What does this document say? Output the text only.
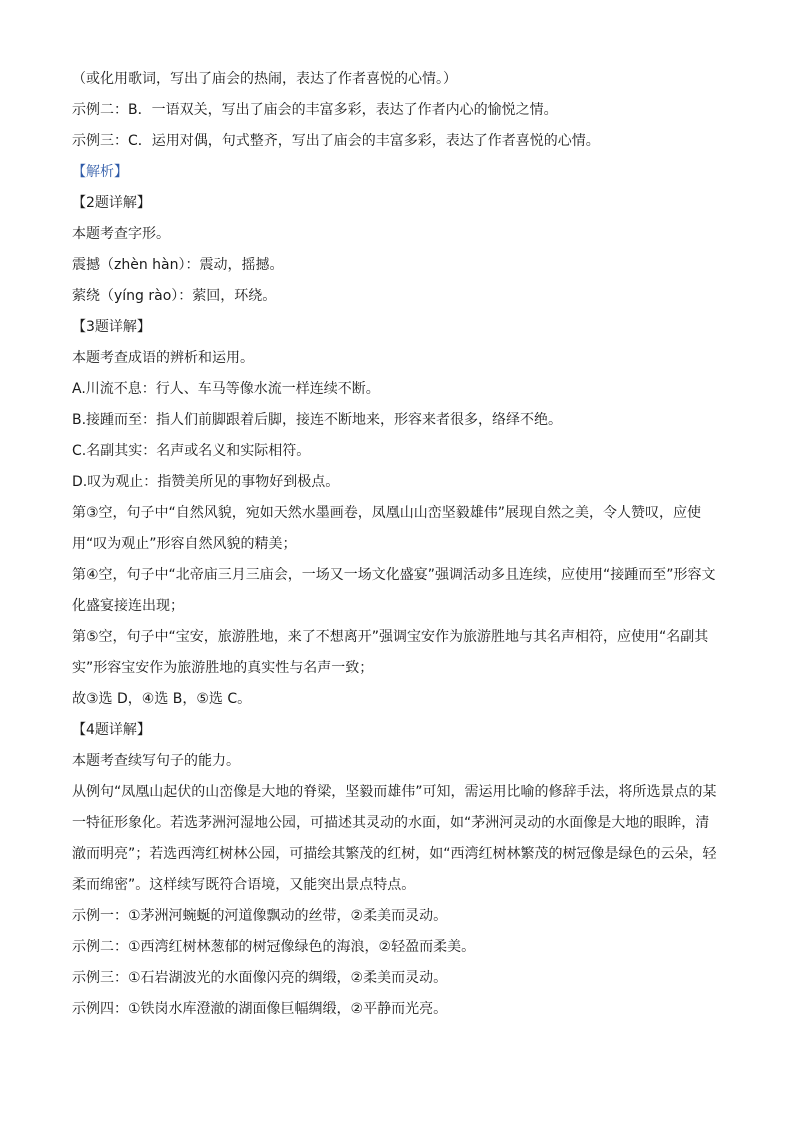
（或化用歌词，写出了庙会的热闹，表达了作者喜悦的心情。）

示例二：B．一语双关，写出了庙会的丰富多彩，表达了作者内心的愉悦之情。

示例三：C．运用对偶，句式整齐，写出了庙会的丰富多彩，表达了作者喜悦的心情。

【解析】

【2题详解】

本题考查字形。

震撼（zhèn hàn）：震动，摇撼。

萦绕（yíng rào）：萦回，环绕。

【3题详解】

本题考查成语的辨析和运用。

A.川流不息：行人、车马等像水流一样连续不断。

B.接踵而至：指人们前脚跟着后脚，接连不断地来，形容来者很多，络绎不绝。

C.名副其实：名声或名义和实际相符。

D.叹为观止：指赞美所见的事物好到极点。

第③空，句子中“自然风貌，宛如天然水墨画卷，凤凰山山峦坚毅雄伟”展现自然之美，令人赞叹，应使用“叹为观止”形容自然风貌的精美；

第④空，句子中“北帝庙三月三庙会，一场又一场文化盛宴”强调活动多且连续，应使用“接踵而至”形容文化盛宴接连出现；

第⑤空，句子中“宝安，旅游胜地，来了不想离开”强调宝安作为旅游胜地与其名声相符，应使用“名副其实”形容宝安作为旅游胜地的真实性与名声一致；

故③选 D，④选 B，⑤选 C。

【4题详解】

本题考查续写句子的能力。

从例句“凤凰山起伏的山峦像是大地的脊梁，坚毅而雄伟”可知，需运用比喻的修辞手法，将所选景点的某一特征形象化。若选茅洲河湿地公园，可描述其灵动的水面，如“茅洲河灵动的水面像是大地的眼眸，清澈而明亮”；若选西湾红树林公园，可描绘其繁茂的红树，如“西湾红树林繁茂的树冠像是绿色的云朵，轻柔而绵密”。这样续写既符合语境，又能突出景点特点。

示例一：①茅洲河蜿蜒的河道像飘动的丝带，②柔美而灵动。

示例二：①西湾红树林葱郁的树冠像绿色的海浪，②轻盈而柔美。

示例三：①石岩湖波光的水面像闪亮的绸缎，②柔美而灵动。

示例四：①铁岗水库澄澈的湖面像巨幅绸缎，②平静而光亮。
